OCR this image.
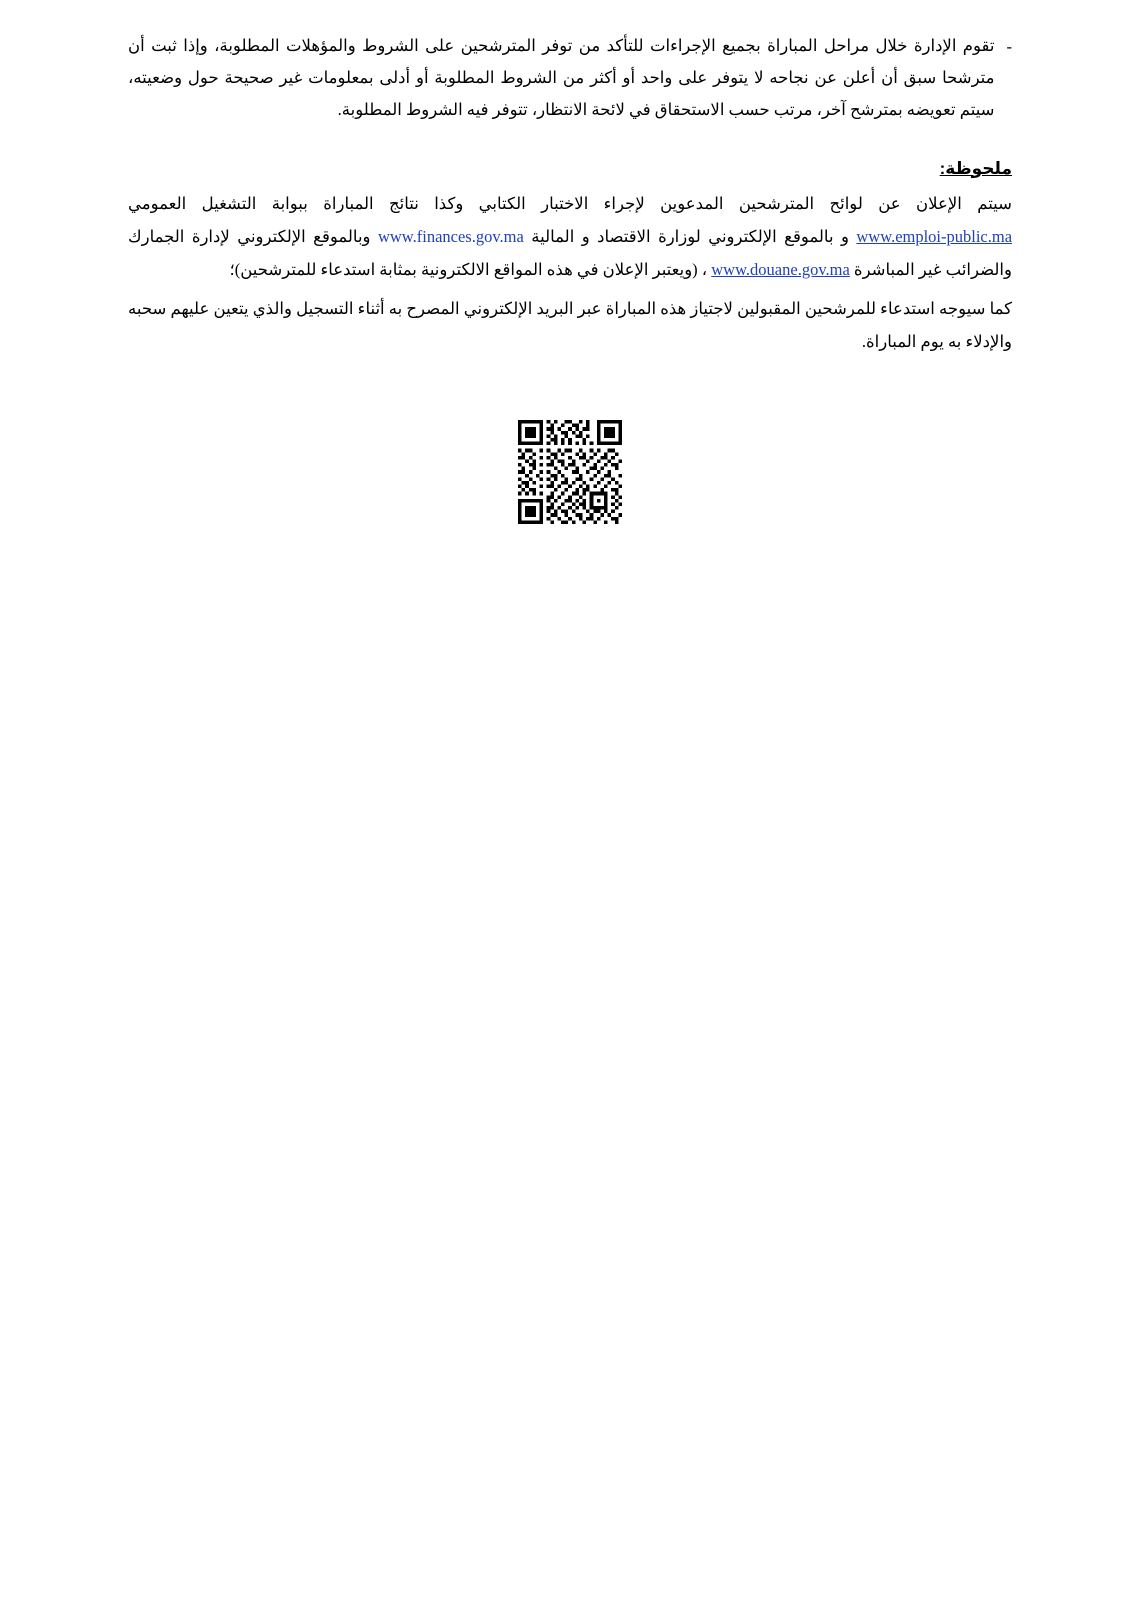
-
تقوم الإدارة خلال مراحل المباراة بجميع الإجراءات للتأكد من توفر المترشحين على الشروط والمؤهلات المطلوبة، وإذا ثبت أن مترشحا سبق أن أعلن عن نجاحه لا يتوفر على واحد أو أكثر من الشروط المطلوبة أو أدلى بمعلومات غير صحيحة حول وضعيته، سيتم تعويضه بمترشح آخر، مرتب حسب الاستحقاق في لائحة الانتظار، تتوفر فيه الشروط المطلوبة.
ملحوظة:
سيتم الإعلان عن لوائح المترشحين المدعوين لإجراء الاختبار الكتابي وكذا نتائج المباراة ببوابة التشغيل العمومي www.emploi-public.ma و بالموقع الإلكتروني لوزارة الاقتصاد و المالية www.finances.gov.ma وبالموقع الإلكتروني لإدارة الجمارك والضرائب غير المباشرة www.douane.gov.ma ، (ويعتبر الإعلان في هذه المواقع الالكترونية بمثابة استدعاء للمترشحين)؛
كما سيوجه استدعاء للمرشحين المقبولين لاجتياز هذه المباراة عبر البريد الإلكتروني المصرح به أثناء التسجيل والذي يتعين عليهم سحبه والإدلاء به يوم المباراة.
